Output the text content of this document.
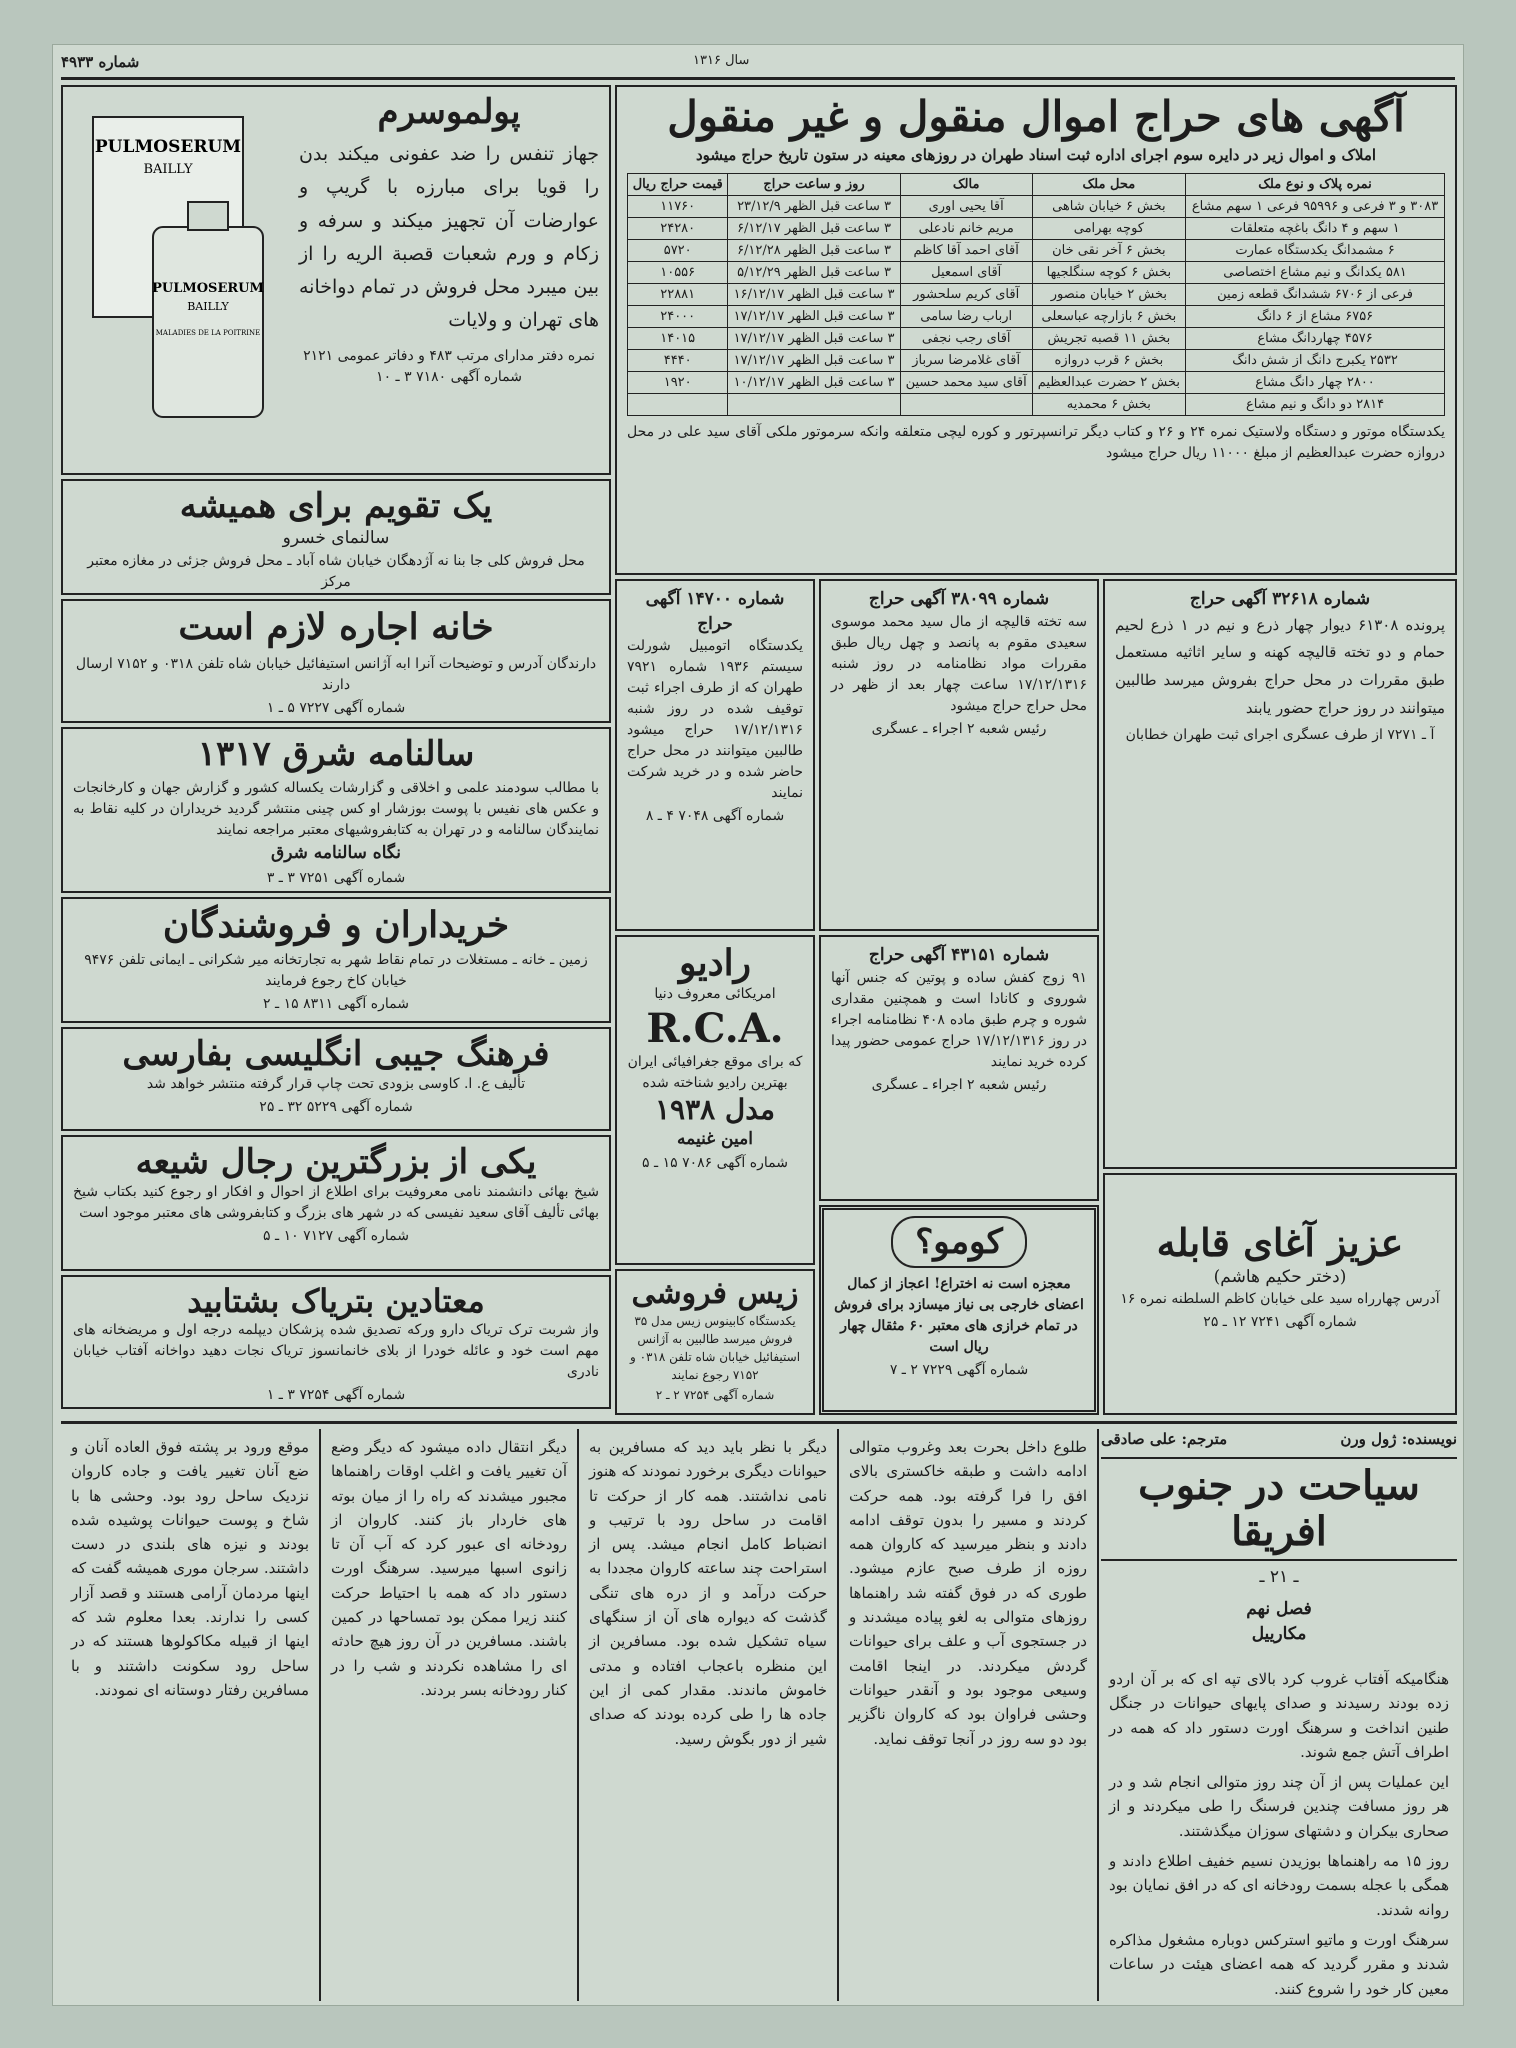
شماره ۴۹۳۳	سال ۱۳۱۶
آگهی های حراج اموال منقول و غیر منقول
املاک و اموال زیر در دایره سوم اجرای اداره ثبت اسناد طهران در روزهای معینه در ستون تاریخ حراج میشود
نمره پلاک و نوع ملک	محل ملک	مالک	روز و ساعت حراج	قیمت حراج ریال
۳۰۸۳ و ۳ فرعی و ۹۵۹۹۶ فرعی ۱ سهم مشاع	بخش ۶ خیابان شاهی	آقا یحیی اوری	۳ ساعت قبل الظهر ۲۳/۱۲/۹	۱۱۷۶۰
۱ سهم و ۴ دانگ باغچه متعلقات	کوچه بهرامی	مریم خانم نادعلی	۳ ساعت قبل الظهر ۶/۱۲/۱۷	۲۴۲۸۰
۶ مشمدانگ یکدستگاه عمارت	بخش ۶ آخر نقی خان	آقای احمد آقا کاظم	۳ ساعت قبل الظهر ۶/۱۲/۲۸	۵۷۲۰
۵۸۱ یکدانگ و نیم مشاع اختصاصی	بخش ۶ کوچه سنگلجیها	آقای اسمعیل	۳ ساعت قبل الظهر ۵/۱۲/۲۹	۱۰۵۵۶
فرعی از ۶۷۰۶ ششدانگ قطعه زمین	بخش ۲ خیابان منصور	آقای کریم سلحشور	۳ ساعت قبل الظهر ۱۶/۱۲/۱۷	۲۲۸۸۱
۶۷۵۶ مشاع از ۶ دانگ	بخش ۶ بازارچه عباسعلی	ارباب رضا سامی	۳ ساعت قبل الظهر ۱۷/۱۲/۱۷	۲۴۰۰۰
۴۵۷۶ چهاردانگ مشاع	بخش ۱۱ قصبه تجریش	آقای رجب نجفی	۳ ساعت قبل الظهر ۱۷/۱۲/۱۷	۱۴۰۱۵
۲۵۳۲ یکبرج دانگ از شش دانگ	بخش ۶ قرب دروازه	آقای غلامرضا سرباز	۳ ساعت قبل الظهر ۱۷/۱۲/۱۷	۴۴۴۰
۲۸۰۰ چهار دانگ مشاع	بخش ۲ حضرت عبدالعظیم	آقای سید محمد حسین	۳ ساعت قبل الظهر ۱۰/۱۲/۱۷	۱۹۲۰
۲۸۱۴ دو دانگ و نیم مشاع	بخش ۶ محمدیه			
یکدستگاه موتور و دستگاه ولاستیک نمره ۲۴ و ۲۶ و کتاب دیگر ترانسپرتور و کوره لیچی متعلقه وانکه سرموتور ملکی آقای سید علی در محل دروازه حضرت عبدالعظیم از مبلغ ۱۱۰۰۰ ریال حراج میشود
PULMOSERUM
BAILLY
PULMOSERUM
BAILLY
MALADIES DE LA POITRINE
پولموسرم
جهاز تنفس را ضد عفونی میکند بدن را قویا برای مبارزه با گریپ و عوارضات آن تجهیز میکند و سرفه و زکام و ورم شعبات قصبة الریه را از بین میبرد محل فروش در تمام دواخانه های تهران و ولایات
نمره دفتر مدارای مرتب ۴۸۳ و دفاتر عمومی ۲۱۲۱ شماره آگهی ۷۱۸۰ ۳ ـ ۱۰
یک تقویم برای همیشه
سالنمای خسرو
محل فروش کلی جا بنا نه آژدهگان خیابان شاه آباد ـ محل فروش جزئی در مغازه معتبر مرکز
خانه اجاره لازم است
دارندگان آدرس و توضیحات آنرا ابه آژانس استیفائیل خیابان شاه تلفن ۰۳۱۸ و ۷۱۵۲ ارسال دارند
شماره آگهی ۷۲۲۷ ۵ ـ ۱
سالنامه شرق ۱۳۱۷
با مطالب سودمند علمی و اخلاقی و گزارشات یکساله کشور و گزارش جهان و کارخانجات و عکس های نفیس با پوست بوزشار او کس چینی منتشر گردید خریداران در کلیه نقاط به نمایندگان سالنامه و در تهران به کتابفروشیهای معتبر مراجعه نمایند
نگاه سالنامه شرق
شماره آگهی ۷۲۵۱ ۳ ـ ۳
خریداران و فروشندگان
زمین ـ خانه ـ مستغلات در تمام نقاط شهر به تجارتخانه میر شکرانی ـ ایمانی تلفن ۹۴۷۶ خیابان کاخ رجوع فرمایند
شماره آگهی ۸۳۱۱ ۱۵ ـ ۲
فرهنگ جیبی انگلیسی بفارسی
تألیف ع. ا. کاوسی بزودی تحت چاپ قرار گرفته منتشر خواهد شد
شماره آگهی ۵۲۲۹ ۳۲ ـ ۲۵
یکی از بزرگترین رجال شیعه
شیخ بهائی دانشمند نامی معروفیت برای اطلاع از احوال و افکار او رجوع کنید بکتاب شیخ بهائی تألیف آقای سعید نفیسی که در شهر های بزرگ و کتابفروشی های معتبر موجود است
شماره آگهی ۷۱۲۷ ۱۰ ـ ۵
معتادین بتریاک بشتابید
واز شربت ترک تریاک دارو ورکه تصدیق شده پزشکان دیپلمه درجه اول و مریضخانه های مهم است خود و عائله خودرا از بلای خانمانسوز تریاک نجات دهید دواخانه آفتاب خیابان نادری
شماره آگهی ۷۲۵۴ ۳ ـ ۱
شماره ۱۴۷۰۰ آگهی حراج
یکدستگاه اتومبیل شورلت سیستم ۱۹۳۶ شماره ۷۹۲۱ طهران که از طرف اجراء ثبت توقیف شده در روز شنبه ۱۷/۱۲/۱۳۱۶ حراج میشود طالبین میتوانند در محل حراج حاضر شده و در خرید شرکت نمایند
شماره آگهی ۷۰۴۸ ۴ ـ ۸
شماره ۳۸۰۹۹ آگهی حراج
سه تخته قالیچه از مال سید محمد موسوی سعیدی مقوم به پانصد و چهل ریال طبق مقررات مواد نظامنامه در روز شنبه ۱۷/۱۲/۱۳۱۶ ساعت چهار بعد از ظهر در محل حراج حراج میشود
رئیس شعبه ۲ اجراء ـ عسگری
شماره ۳۲۶۱۸ آگهی حراج
پرونده ۶۱۳۰۸ دیوار چهار ذرع و نیم در ۱ ذرع لحیم حمام و دو تخته قالیچه کهنه و سایر اثاثیه مستعمل طبق مقررات در محل حراج بفروش میرسد طالبین میتوانند در روز حراج حضور یابند
آ ـ ۷۲۷۱ از طرف عسگری اجرای ثبت طهران خطابان
شماره ۴۳۱۵۱ آگهی حراج
۹۱ زوج کفش ساده و پوتین که جنس آنها شوروی و کانادا است و همچنین مقداری شوره و چرم طبق ماده ۴۰۸ نظامنامه اجراء در روز ۱۷/۱۲/۱۳۱۶ حراج عمومی حضور پیدا کرده خرید نمایند
رئیس شعبه ۲ اجراء ـ عسگری
رادیو
امریکائی معروف دنیا
R.C.A.
که برای موقع جغرافیائی ایران بهترین رادیو شناخته شده
مدل ۱۹۳۸
امین غنیمه
شماره آگهی ۷۰۸۶ ۱۵ ـ ۵
کومو؟
معجزه است نه اختراع! اعجاز از کمال اعضای خارجی بی نیاز میسازد برای فروش در تمام خرازی های معتبر ۶۰ مثقال چهار ریال است
شماره آگهی ۷۲۲۹ ۲ ـ ۷
زیس فروشی
یکدستگاه کابینوس زیس مدل ۳۵ فروش میرسد طالبین به آژانس استیفائیل خیابان شاه تلفن ۰۳۱۸ و ۷۱۵۲ رجوع نمایند
شماره آگهی ۷۲۵۴ ۲ ـ ۲
عزیز آغای قابله
(دختر حکیم هاشم)
آدرس چهارراه سید علی خیابان کاظم السلطنه نمره ۱۶
شماره آگهی ۷۲۴۱ ۱۲ ـ ۲۵
نویسنده: ژول ورن
مترجم: علی صادقی
سیاحت در جنوب افریقا
ـ ۲۱ ـ
فصل نهم
مکارییل

هنگامیکه آفتاب غروب کرد بالای تپه ای که بر آن اردو زده بودند رسیدند و صدای پایهای حیوانات در جنگل طنین انداخت و سرهنگ اورت دستور داد که همه در اطراف آتش جمع شوند.

این عملیات پس از آن چند روز متوالی انجام شد و در هر روز مسافت چندین فرسنگ را طی میکردند و از صحاری بیکران و دشتهای سوزان میگذشتند.

روز ۱۵ مه راهنماها بوزیدن نسیم خفیف اطلاع دادند و همگی با عجله بسمت رودخانه ای که در افق نمایان بود روانه شدند.

سرهنگ اورت و ماتیو استرکس دوباره مشغول مذاکره شدند و مقرر گردید که همه اعضای هیئت در ساعات معین کار خود را شروع کنند.

طلوع داخل بحرت بعد وغروب متوالی ادامه داشت و طبقه خاکستری بالای افق را فرا گرفته بود. همه حرکت کردند و مسیر را بدون توقف ادامه دادند و بنظر میرسید که کاروان همه روزه از طرف صبح عازم میشود. طوری که در فوق گفته شد راهنماها روزهای متوالی به لغو پیاده میشدند و در جستجوی آب و علف برای حیوانات گردش میکردند. در اینجا اقامت وسیعی موجود بود و آنقدر حیوانات وحشی فراوان بود که کاروان ناگزیر بود دو سه روز در آنجا توقف نماید.
دیگر با نظر باید دید که مسافرین به حیوانات دیگری برخورد نمودند که هنوز نامی نداشتند. همه کار از حرکت تا اقامت در ساحل رود با ترتیب و انضباط کامل انجام میشد. پس از استراحت چند ساعته کاروان مجددا به حرکت درآمد و از دره های تنگی گذشت که دیواره های آن از سنگهای سیاه تشکیل شده بود. مسافرین از این منظره باعجاب افتاده و مدتی خاموش ماندند. مقدار کمی از این جاده ها را طی کرده بودند که صدای شیر از دور بگوش رسید.
دیگر انتقال داده میشود که دیگر وضع آن تغییر یافت و اغلب اوقات راهنماها مجبور میشدند که راه را از میان بوته های خاردار باز کنند. کاروان از رودخانه ای عبور کرد که آب آن تا زانوی اسبها میرسید. سرهنگ اورت دستور داد که همه با احتیاط حرکت کنند زیرا ممکن بود تمساحها در کمین باشند. مسافرین در آن روز هیچ حادثه ای را مشاهده نکردند و شب را در کنار رودخانه بسر بردند.
موقع ورود بر پشته فوق العاده آنان و ضع آنان تغییر یافت و جاده کاروان نزدیک ساحل رود بود. وحشی ها با شاخ و پوست حیوانات پوشیده شده بودند و نیزه های بلندی در دست داشتند. سرجان موری همیشه گفت که اینها مردمان آرامی هستند و قصد آزار کسی را ندارند. بعدا معلوم شد که اینها از قبیله مکاکولوها هستند که در ساحل رود سکونت داشتند و با مسافرین رفتار دوستانه ای نمودند.
